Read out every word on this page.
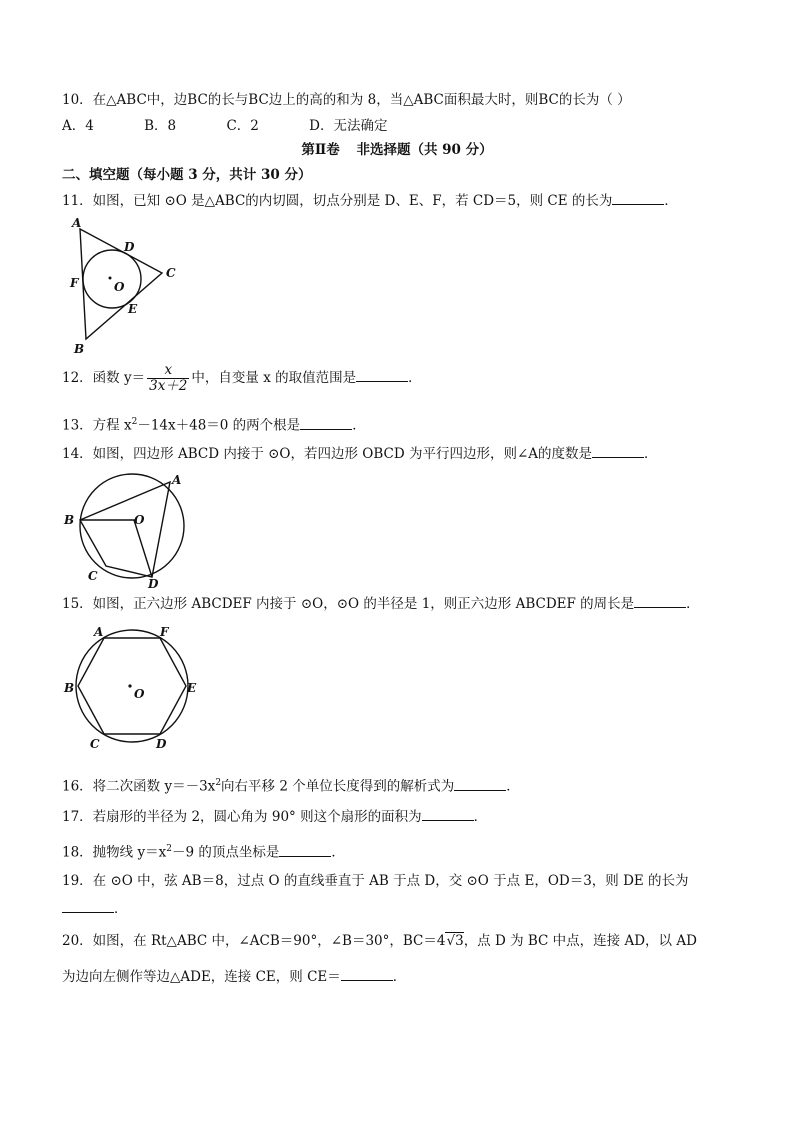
10．在△ABC中，边BC的长与BC边上的高的和为 8，当△ABC面积最大时，则BC的长为（ ）
A．4	B．8	C．2	D．无法确定
第Ⅱ卷 非选择题（共 90 分）
二、填空题（每小题 3 分，共计 30 分）
11．如图，已知 ⊙O 是△ABC的内切圆，切点分别是 D、E、F，若 CD＝5，则 CE 的长为	．
A
B
C
D
E
F	O
12．函数 $y= \frac{x}{3x+2}$ 中，自变量 x 的取值范围是	．
13．方程 $x^2-14x+48=0$ 的两个根是	．
14．如图，四边形 ABCD 内接于 ⊙O，若四边形 OBCD 为平行四边形，则∠A的度数是	．
A
B
C
D
O
15．如图，正六边形 ABCDEF 内接于 ⊙O，⊙O 的半径是 1，则正六边形 ABCDEF 的周长是	．
A
B
C	D
E
F
O
16．将二次函数 $y=-3x^2$向右平移 2 个单位长度得到的解析式为	．
17．若扇形的半径为 2，圆心角为 90° 则这个扇形的面积为	．
18．抛物线 $y=x^2-9$ 的顶点坐标是	．
19．在 ⊙O 中，弦 AB＝8，过点 O 的直线垂直于 AB 于点 D，交 ⊙O 于点 E，OD＝3，则 DE 的长为
．
20．如图，在 Rt△ABC 中，∠ACB＝90°，∠B＝30°，BC＝4√3，点 D 为 BC 中点，连接 AD，以 AD
为边向左侧作等边△ADE，连接 CE，则 CE＝	．
